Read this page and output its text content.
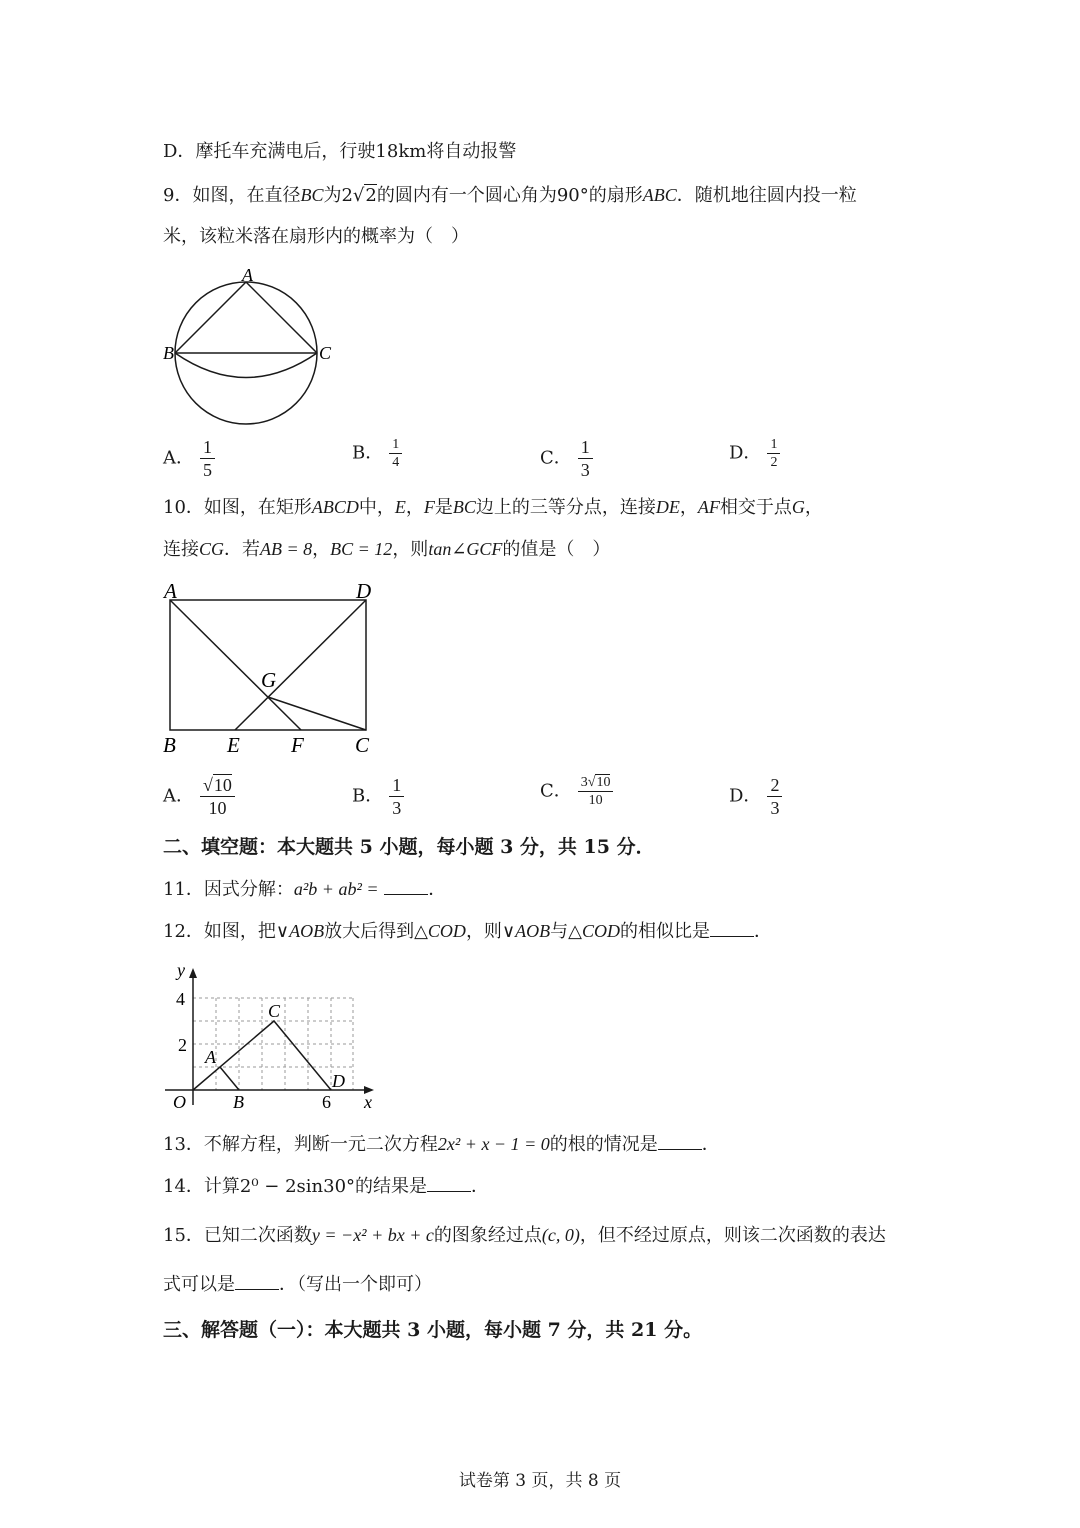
D．摩托车充满电后，行驶18km将自动报警
9．如图，在直径BC为2√2的圆内有一个圆心角为90°的扇形ABC．随机地往圆内投一粒
米，该粒米落在扇形内的概率为（　）
A
B	C
A． $\frac{1}{5}$	B． $\frac{1}{4}$	C． $\frac{1}{3}$	D． $\frac{1}{2}$
10．如图，在矩形ABCD中，E，F是BC边上的三等分点，连接DE，AF相交于点G，
连接CG．若AB = 8，BC = 12，则tan∠GCF的值是（　）
A	D
G
B E F C
A． $\frac{√10}{10}$	B． $\frac{1}{3}$	C． $\frac{3√10}{10}$	D． $\frac{2}{3}$
二、填空题：本大题共 5 小题，每小题 3 分，共 15 分．
11．因式分解：a²b + ab² =	．
12．如图，把∨AOB放大后得到△COD，则∨AOB与△COD的相似比是 ．
y
x
4
2
6
O
A
B
C
D
13．不解方程，判断一元二次方程2x² + x − 1 = 0的根的情况是 ．
14．计算2⁰ − 2sin30°的结果是 ．
15．已知二次函数y = −x² + bx + c的图象经过点(c, 0)，但不经过原点，则该二次函数的表达
式可以是 ．（写出一个即可）
三、解答题（一）：本大题共 3 小题，每小题 7 分，共 21 分。
试卷第 3 页，共 8 页
